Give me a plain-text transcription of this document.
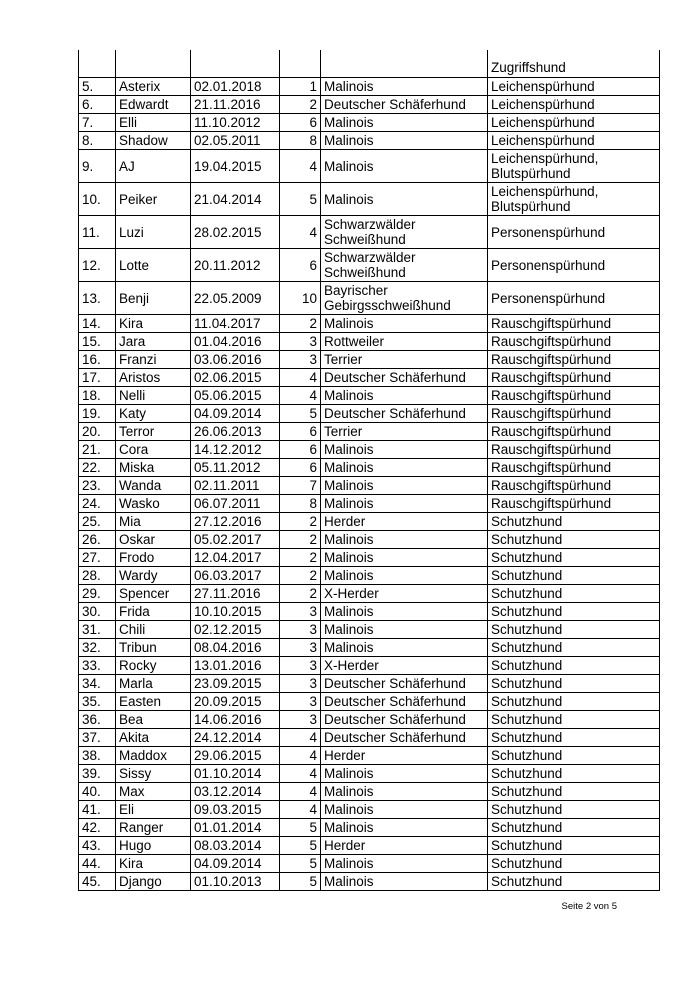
					Zugriffshund
5.	Asterix	02.01.2018	1	Malinois	Leichenspürhund
6.	Edwardt	21.11.2016	2	Deutscher Schäferhund	Leichenspürhund
7.	Elli	11.10.2012	6	Malinois	Leichenspürhund
8.	Shadow	02.05.2011	8	Malinois	Leichenspürhund
9.	AJ	19.04.2015	4	Malinois	Leichenspürhund, Blutspürhund
10.	Peiker	21.04.2014	5	Malinois	Leichenspürhund, Blutspürhund
11.	Luzi	28.02.2015	4	Schwarzwälder Schweißhund	Personenspürhund
12.	Lotte	20.11.2012	6	Schwarzwälder Schweißhund	Personenspürhund
13.	Benji	22.05.2009	10	Bayrischer Gebirgsschweißhund	Personenspürhund
14.	Kira	11.04.2017	2	Malinois	Rauschgiftspürhund
15.	Jara	01.04.2016	3	Rottweiler	Rauschgiftspürhund
16.	Franzi	03.06.2016	3	Terrier	Rauschgiftspürhund
17.	Aristos	02.06.2015	4	Deutscher Schäferhund	Rauschgiftspürhund
18.	Nelli	05.06.2015	4	Malinois	Rauschgiftspürhund
19.	Katy	04.09.2014	5	Deutscher Schäferhund	Rauschgiftspürhund
20.	Terror	26.06.2013	6	Terrier	Rauschgiftspürhund
21.	Cora	14.12.2012	6	Malinois	Rauschgiftspürhund
22.	Miska	05.11.2012	6	Malinois	Rauschgiftspürhund
23.	Wanda	02.11.2011	7	Malinois	Rauschgiftspürhund
24.	Wasko	06.07.2011	8	Malinois	Rauschgiftspürhund
25.	Mia	27.12.2016	2	Herder	Schutzhund
26.	Oskar	05.02.2017	2	Malinois	Schutzhund
27.	Frodo	12.04.2017	2	Malinois	Schutzhund
28.	Wardy	06.03.2017	2	Malinois	Schutzhund
29.	Spencer	27.11.2016	2	X-Herder	Schutzhund
30.	Frida	10.10.2015	3	Malinois	Schutzhund
31.	Chili	02.12.2015	3	Malinois	Schutzhund
32.	Tribun	08.04.2016	3	Malinois	Schutzhund
33.	Rocky	13.01.2016	3	X-Herder	Schutzhund
34.	Marla	23.09.2015	3	Deutscher Schäferhund	Schutzhund
35.	Easten	20.09.2015	3	Deutscher Schäferhund	Schutzhund
36.	Bea	14.06.2016	3	Deutscher Schäferhund	Schutzhund
37.	Akita	24.12.2014	4	Deutscher Schäferhund	Schutzhund
38.	Maddox	29.06.2015	4	Herder	Schutzhund
39.	Sissy	01.10.2014	4	Malinois	Schutzhund
40.	Max	03.12.2014	4	Malinois	Schutzhund
41.	Eli	09.03.2015	4	Malinois	Schutzhund
42.	Ranger	01.01.2014	5	Malinois	Schutzhund
43.	Hugo	08.03.2014	5	Herder	Schutzhund
44.	Kira	04.09.2014	5	Malinois	Schutzhund
45.	Django	01.10.2013	5	Malinois	Schutzhund
Seite 2 von 5
